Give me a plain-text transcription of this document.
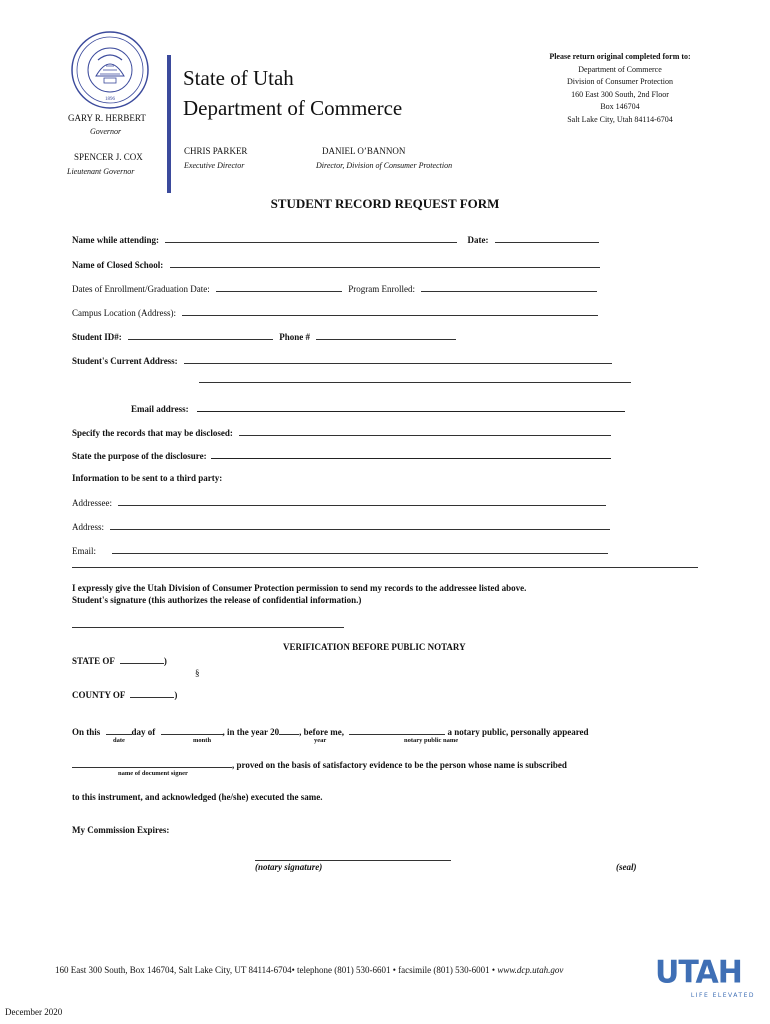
1896
GARY R. HERBERT
Governor
SPENCER J. COX
Lieutenant Governor
State of Utah
Department of Commerce
CHRIS PARKER
Executive Director
DANIEL O’BANNON
Director, Division of Consumer Protection
Please return original completed form to:
Department of Commerce
Division of Consumer Protection
160 East 300 South, 2nd Floor
Box 146704
Salt Lake City, Utah 84114-6704
STUDENT RECORD REQUEST FORM
Name while attending:	Date:
Name of Closed School:
Dates of Enrollment/Graduation Date:	Program Enrolled:
Campus Location (Address):
Student ID#:	Phone #
Student's Current Address:
Email address:
Specify the records that may be disclosed:
State the purpose of the disclosure:
Information to be sent to a third party:
Addressee:
Address:
Email:
I expressly give the Utah Division of Consumer Protection permission to send my records to the addressee listed above.
Student's signature (this authorizes the release of confidential information.)
VERIFICATION BEFORE PUBLIC NOTARY
STATE OF	)
§
COUNTY OF	)
On this	day of	, in the year 20 , before me,	a notary public, personally appeared
date	month	year	notary public name
, proved on the basis of satisfactory evidence to be the person whose name is subscribed
name of document signer
to this instrument, and acknowledged (he/she) executed the same.
My Commission Expires:
(notary signature)	(seal)
160 East 300 South, Box 146704, Salt Lake City, UT 84114-6704• telephone (801) 530-6601 • facsimile (801) 530-6001 • www.dcp.utah.gov	UTAH
LIFE ELEVATED
December 2020
